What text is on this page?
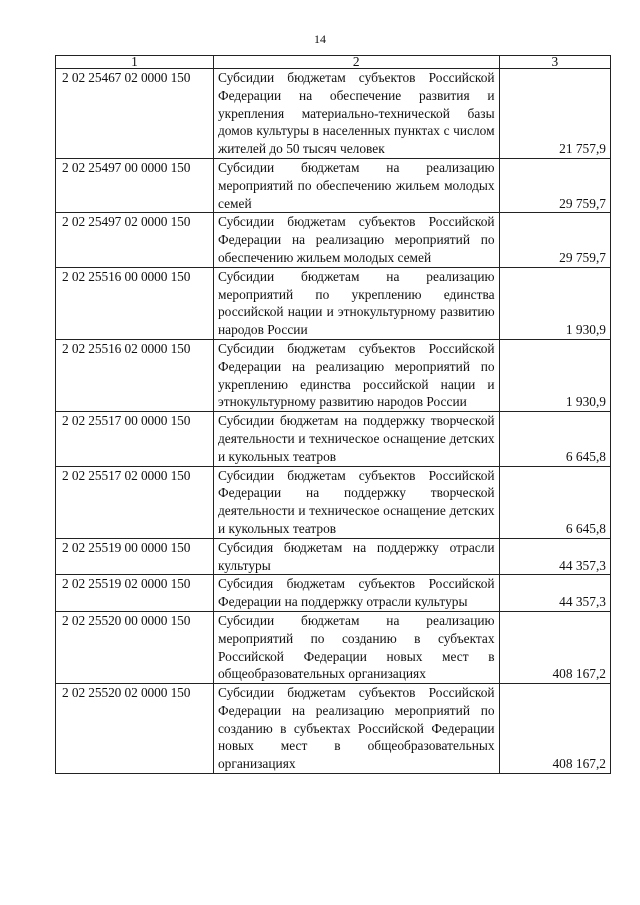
14
1	2	3
2 02 25467 02 0000 150	Субсидии бюджетам субъектов Российской Федерации на обеспечение развития и укрепления материально-технической базы домов культуры в населенных пунктах с числом жителей до 50 тысяч человек	21 757,9
2 02 25497 00 0000 150	Субсидии бюджетам на реализацию мероприятий по обеспечению жильем молодых семей	29 759,7
2 02 25497 02 0000 150	Субсидии бюджетам субъектов Российской Федерации на реализацию мероприятий по обеспечению жильем молодых семей	29 759,7
2 02 25516 00 0000 150	Субсидии бюджетам на реализацию мероприятий по укреплению единства российской нации и этнокультурному развитию народов России	1 930,9
2 02 25516 02 0000 150	Субсидии бюджетам субъектов Российской Федерации на реализацию мероприятий по укреплению единства российской нации и этнокультурному развитию народов России	1 930,9
2 02 25517 00 0000 150	Субсидии бюджетам на поддержку творческой деятельности и техническое оснащение детских и кукольных театров	6 645,8
2 02 25517 02 0000 150	Субсидии бюджетам субъектов Российской Федерации на поддержку творческой деятельности и техническое оснащение детских и кукольных театров	6 645,8
2 02 25519 00 0000 150	Субсидия бюджетам на поддержку отрасли культуры	44 357,3
2 02 25519 02 0000 150	Субсидия бюджетам субъектов Российской Федерации на поддержку отрасли культуры	44 357,3
2 02 25520 00 0000 150	Субсидии бюджетам на реализацию мероприятий по созданию в субъектах Российской Федерации новых мест в общеобразовательных организациях	408 167,2
2 02 25520 02 0000 150	Субсидии бюджетам субъектов Российской Федерации на реализацию мероприятий по созданию в субъектах Российской Федерации новых мест в общеобразовательных организациях	408 167,2
